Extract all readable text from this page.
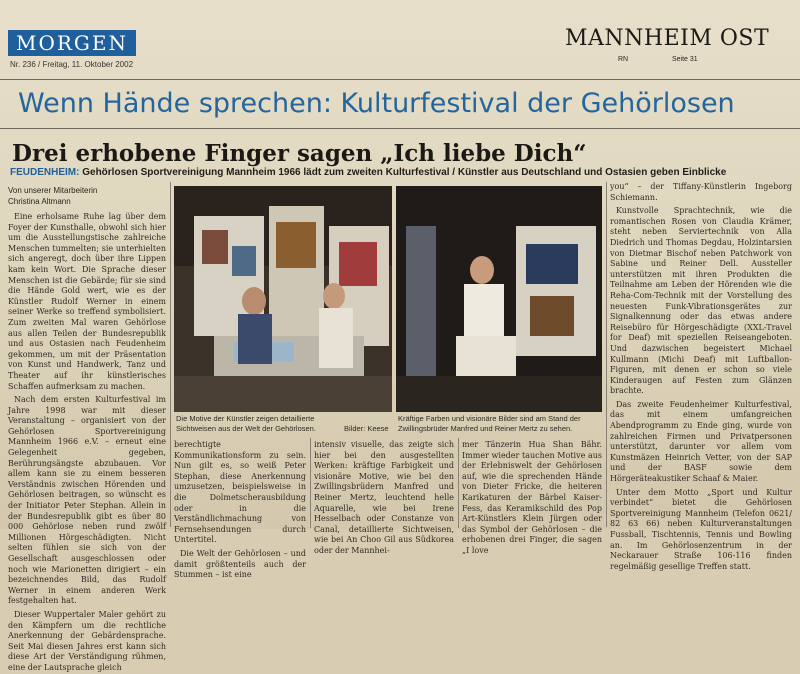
MORGEN
Nr. 236 / Freitag, 11. Oktober 2002
MANNHEIM OST
RN	Seite 31
Wenn Hände sprechen: Kulturfestival der Gehörlosen
Drei erhobene Finger sagen „Ich liebe Dich“
FEUDENHEIM: Gehörlosen Sportvereinigung Mannheim 1966 lädt zum zweiten Kulturfestival / Künstler aus Deutschland und Ostasien geben Einblicke
Von unserer Mitarbeiterin
Christina Altmann

Eine erholsame Ruhe lag über dem Foyer der Kunsthalle, obwohl sich hier um die Ausstellungstische zahlreiche Menschen tummelten; sie unterhielten sich angeregt, doch über ihre Lippen kam kein Wort. Die Sprache dieser Menschen ist die Gebärde; für sie sind die Hände Gold wert, wie es der Künstler Rudolf Werner in einem seiner Werke so treffend symbolisiert. Zum zweiten Mal waren Gehörlose aus allen Teilen der Bundesrepublik und aus Ostasien nach Feudenheim gekommen, um mit der Präsentation von Kunst und Handwerk, Tanz und Theater auf ihr künstlerisches Schaffen aufmerksam zu machen.

Nach dem ersten Kulturfestival im Jahre 1998 war mit dieser Veranstaltung – organisiert von der Gehörlosen Sportvereinigung Mannheim 1966 e.V. – erneut eine Gelegenheit gegeben, Berührungsängste abzubauen. Vor allem kann sie zu einem besseren Verständnis zwischen Hörenden und Gehörlosen beitragen, so wünscht es der Initiator Peter Stephan. Allein in der Bundesrepublik gibt es über 80 000 Gehörlose neben rund zwölf Millionen Hörgeschädigten. Nicht selten fühlen sie sich von der Gesellschaft ausgeschlossen oder noch wie Marionetten dirigiert – ein bezeichnendes Bild, das Rudolf Werner in einem anderen Werk festgehalten hat.

Dieser Wuppertaler Maler gehört zu den Kämpfern um die rechtliche Anerkennung der Gebärdensprache. Seit Mai diesen Jahres erst kann sich diese Art der Verständigung rühmen, eine der Lautsprache gleich

Die Motive der Künstler zeigen detaillierte Sichtweisen aus der Welt der Gehörlosen.	Bilder: Keese
Kräftige Farben und visionäre Bilder sind am Stand der Zwillingsbrüder Manfred und Reiner Mertz zu sehen.

you“ – der Tiffany-Künstlerin Ingeborg Schiemann.

Kunstvolle Sprachtechnik, wie die romantischen Rosen von Claudia Krämer, steht neben Serviertechnik von Alla Diedrich und Thomas Degdau, Holzintarsien von Dietmar Bischof neben Patchwork von Sabine und Reiner Dell. Aussteller unterstützen mit ihren Produkten die Teilnahme am Leben der Hörenden wie die Reha-Com-Technik mit der Vorstellung des neuesten Funk-Vibrationsgerätes zur Signalkennung oder das etwas andere Reisebüro für Hörgeschädigte (XXL-Travel for Deaf) mit speziellen Reiseangeboten. Und dazwischen begeistert Michael Kullmann (Michi Deaf) mit Luftballon-Figuren, mit denen er schon so viele Kinderaugen auf Festen zum Glänzen brachte.

Das zweite Feudenheimer Kulturfestival, das mit einem umfangreichen Abendprogramm zu Ende ging, wurde von zahlreichen Firmen und Privatpersonen unterstützt, darunter vor allem vom Kunstmäzen Heinrich Vetter, von der SAP und der BASF sowie dem Hörgeräteakustiker Schaaf & Maier.

Unter dem Motto „Sport und Kultur verbindet“ bietet die Gehörlosen Sportvereinigung Mannheim (Telefon 0621/ 82 63 66) neben Kulturveranstaltungen Fussball, Tischtennis, Tennis und Bowling an. Im Gehörlosenzentrum in der Neckarauer Straße 106-116 finden regelmäßig gesellige Treffen statt.

berechtigte Kommunikationsform zu sein. Nun gilt es, so weiß Peter Stephan, diese Anerkennung umzusetzen, beispielsweise in die Dolmetscherausbildung oder in die Verständlichmachung von Fernsehsendungen durch Untertitel.

Die Welt der Gehörlosen – und damit größtenteils auch der Stummen – ist eine

intensiv visuelle, das zeigte sich hier bei den ausgestellten Werken: kräftige Farbigkeit und visionäre Motive, wie bei den Zwillingsbrüdern Manfred und Reiner Mertz, leuchtend helle Aquarelle, wie bei Irene Hesselbach oder Constanze von Canal, detaillierte Sichtweisen, wie bei An Choo Gil aus Südkorea oder der Mannhei-

mer Tänzerin Hua Shan Bähr. Immer wieder tauchen Motive aus der Erlebniswelt der Gehörlosen auf, wie die sprechenden Hände von Dieter Fricke, die heiteren Karikaturen der Bärbel Kaiser-Fess, das Keramikschild des Pop Art-Künstlers Klein Jürgen oder das Symbol der Gehörlosen – die erhobenen drei Finger, die sagen „I love
